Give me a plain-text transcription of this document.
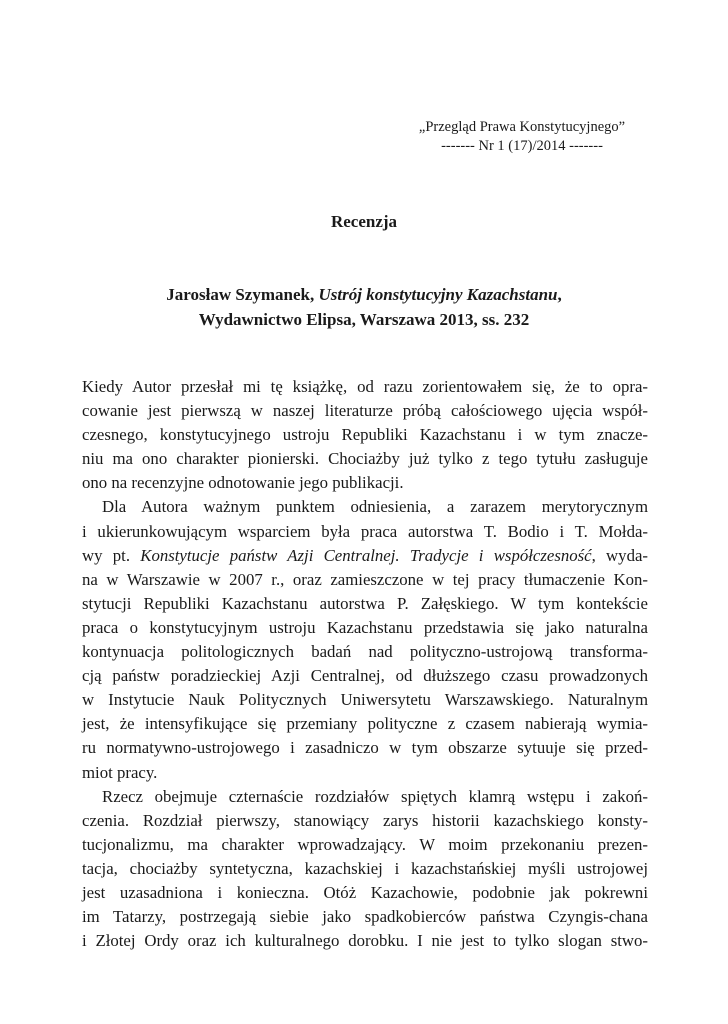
„Przegląd Prawa Konstytucyjnego”
------- Nr 1 (17)/2014 -------
Recenzja
Jarosław Szymanek, Ustrój konstytucyjny Kazachstanu,
Wydawnictwo Elipsa, Warszawa 2013, ss. 232
Kiedy Autor przesłał mi tę książkę, od razu zorientowałem się, że to opra-
cowanie jest pierwszą w naszej literaturze próbą całościowego ujęcia współ-
czesnego, konstytucyjnego ustroju Republiki Kazachstanu i w tym znacze-
niu ma ono charakter pionierski. Chociażby już tylko z tego tytułu zasługuje
ono na recenzyjne odnotowanie jego publikacji.
Dla Autora ważnym punktem odniesienia, a zarazem merytorycznym
i ukierunkowującym wsparciem była praca autorstwa T. Bodio i T. Mołda-
wy pt. Konstytucje państw Azji Centralnej. Tradycje i współczesność, wyda-
na w Warszawie w 2007 r., oraz zamieszczone w tej pracy tłumaczenie Kon-
stytucji Republiki Kazachstanu autorstwa P. Załęskiego. W tym kontekście
praca o konstytucyjnym ustroju Kazachstanu przedstawia się jako naturalna
kontynuacja politologicznych badań nad polityczno-ustrojową transforma-
cją państw poradzieckiej Azji Centralnej, od dłuższego czasu prowadzonych
w Instytucie Nauk Politycznych Uniwersytetu Warszawskiego. Naturalnym
jest, że intensyfikujące się przemiany polityczne z czasem nabierają wymia-
ru normatywno-ustrojowego i zasadniczo w tym obszarze sytuuje się przed-
miot pracy.
Rzecz obejmuje czternaście rozdziałów spiętych klamrą wstępu i zakoń-
czenia. Rozdział pierwszy, stanowiący zarys historii kazachskiego konsty-
tucjonalizmu, ma charakter wprowadzający. W moim przekonaniu prezen-
tacja, chociażby syntetyczna, kazachskiej i kazachstańskiej myśli ustrojowej
jest uzasadniona i konieczna. Otóż Kazachowie, podobnie jak pokrewni
im Tatarzy, postrzegają siebie jako spadkobierców państwa Czyngis-chana
i Złotej Ordy oraz ich kulturalnego dorobku. I nie jest to tylko slogan stwo-
